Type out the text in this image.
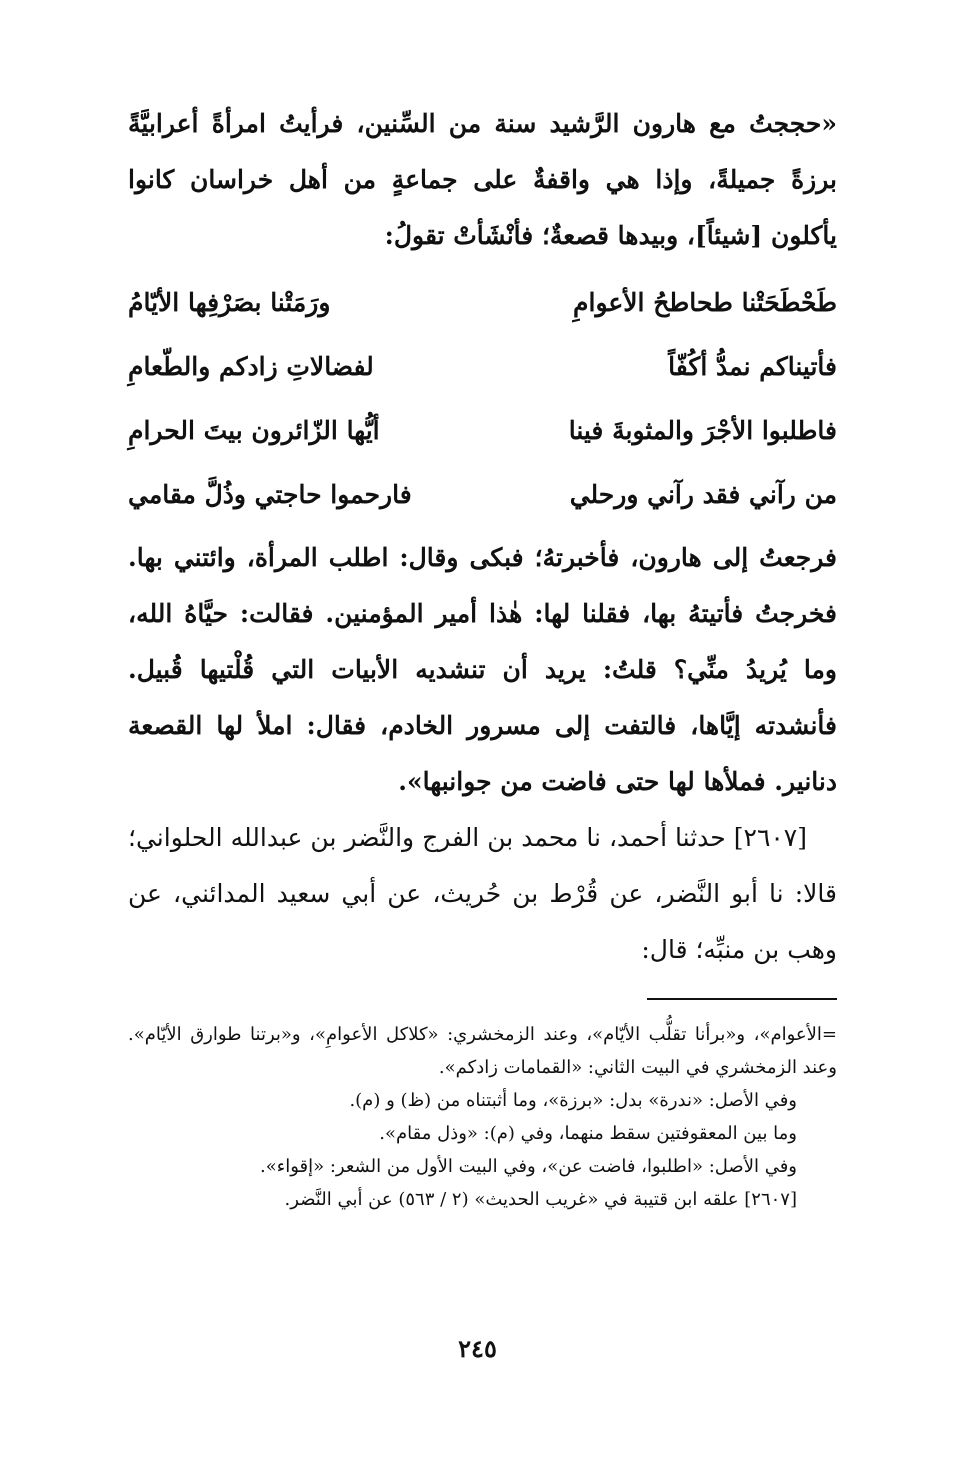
«حججتُ مع هارون الرَّشيد سنة من السِّنين، فرأيتُ امرأةً أعرابيَّةً برزةً جميلةً، وإذا هي واقفةٌ على جماعةٍ من أهل خراسان كانوا يأكلون [شيئاً]، وبيدها قصعةٌ؛ فأنْشَأتْ تقولُ:

طَحْطَحَتْنا طحاطحُ الأعوامِ
ورَمَتْنا بصَرْفِها الأيّامُ
فأتيناكم نمدُّ أكُفّاً
لفضالاتِ زادكم والطّعامِ
فاطلبوا الأجْرَ والمثوبةَ فينا
أيُّها الزّائرون بيتَ الحرامِ
من رآني فقد رآني ورحلي
فارحموا حاجتي وذُلَّ مقامي

فرجعتُ إلى هارون، فأخبرتهُ؛ فبكى وقال: اطلب المرأة، وائتني بها. فخرجتُ فأتيتهُ بها، فقلنا لها: هٰذا أمير المؤمنين. فقالت: حيَّاهُ الله، وما يُريدُ منِّي؟ قلتُ: يريد أن تنشديه الأبيات التي قُلْتيها قُبيل. فأنشدته إيَّاها، فالتفت إلى مسرور الخادم، فقال: املأ لها القصعة دنانير. فملأها لها حتى فاضت من جوانبها».

[٢٦٠٧] حدثنا أحمد، نا محمد بن الفرج والنَّضر بن عبدالله الحلواني؛ قالا: نا أبو النَّضر، عن قُرْط بن حُريث، عن أبي سعيد المدائني، عن وهب بن منبِّه؛ قال:

=الأعوام»، و«برأنا تقلُّب الأيّام»، وعند الزمخشري: «كلاكل الأعوامِ»، و«برتنا طوارق الأيّام». وعند الزمخشري في البيت الثاني: «القمامات زادكم».

وفي الأصل: «ندرة» بدل: «برزة»، وما أثبتناه من (ظ) و (م).

وما بين المعقوفتين سقط منهما، وفي (م): «وذل مقام».

وفي الأصل: «اطلبوا، فاضت عن»، وفي البيت الأول من الشعر: «إقواء».

[٢٦٠٧] علقه ابن قتيبة في «غريب الحديث» (٢ / ٥٦٣) عن أبي النَّضر.

٢٤٥
